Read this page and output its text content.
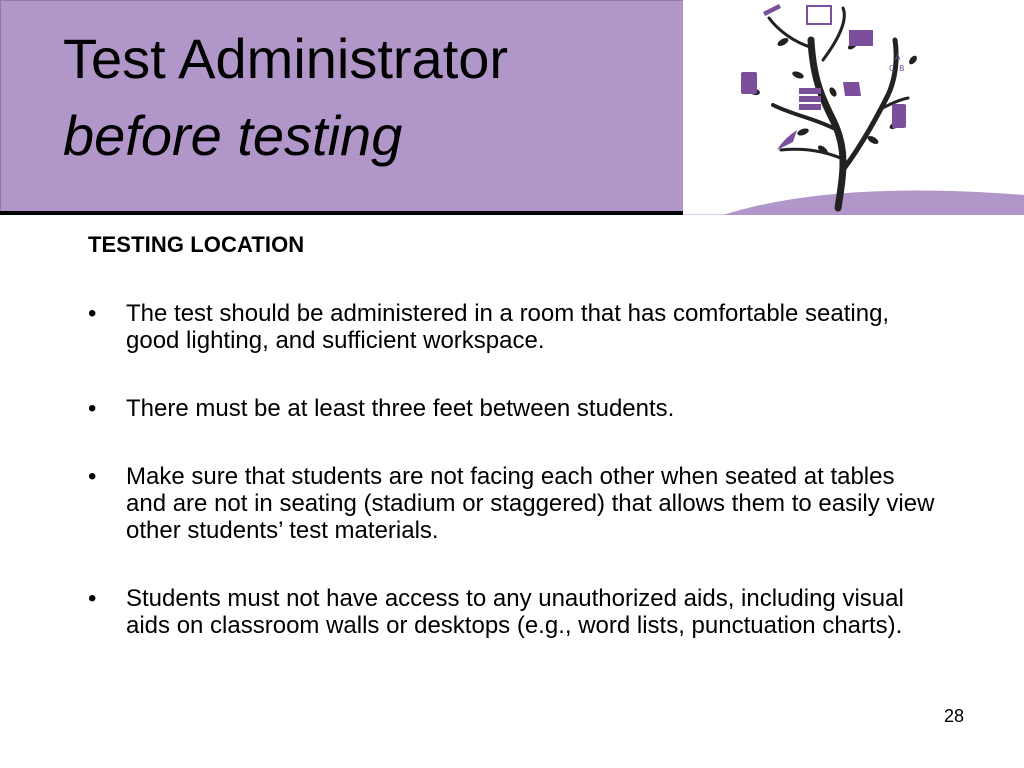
Test Administrator
before testing
A
C B
TESTING LOCATION
• The test should be administered in a room that has comfortable seating, good lighting, and sufficient workspace.
• There must be at least three feet between students.
• Make sure that students are not facing each other when seated at tables and are not in seating (stadium or staggered) that allows them to easily view other students’ test materials.
• Students must not have access to any unauthorized aids, including visual aids on classroom walls or desktops (e.g., word lists, punctuation charts).
28
